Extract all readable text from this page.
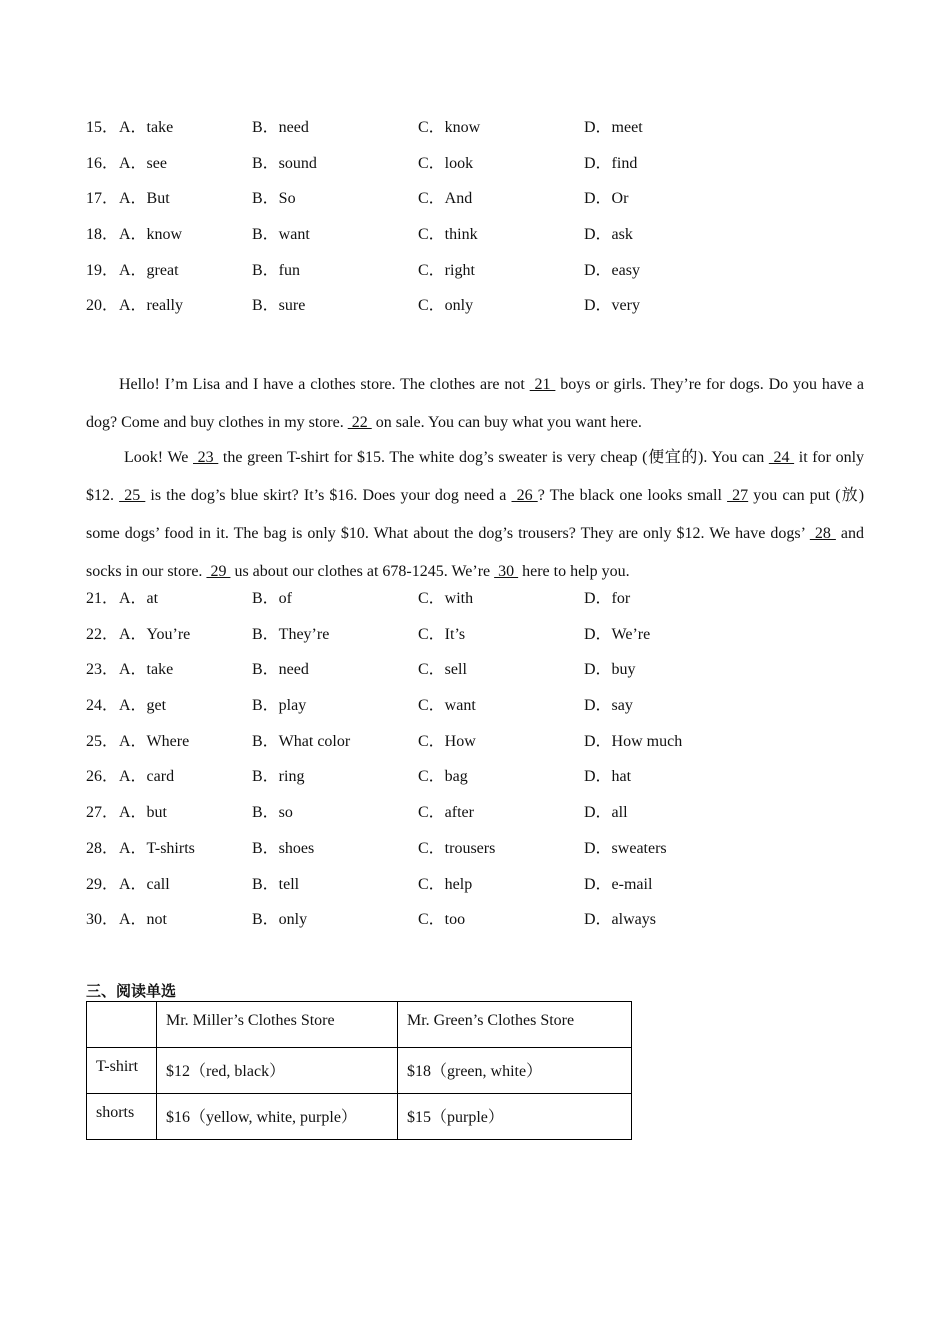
15． A．take	B．need	C．know	D．meet
16． A．see	B．sound	C．look	D．find
17． A．But	B．So	C．And	D．Or
18． A．know	B．want	C．think	D．ask
19． A．great	B．fun	C．right	D．easy
20． A．really	B．sure	C．only	D．very

Hello! I’m Lisa and I have a clothes store. The clothes are not  21  boys or girls. They’re for dogs. Do you have a dog? Come and buy clothes in my store.  22  on sale. You can buy what you want here.

Look! We  23  the green T-shirt for $15. The white dog’s sweater is very cheap (便宜的). You can  24  it for only $12.  25  is the dog’s blue skirt? It’s $16. Does your dog need a  26 ? The black one looks small  27 you can put (放) some dogs’ food in it. The bag is only $10. What about the dog’s trousers? They are only $12. We have dogs’  28  and socks in our store.  29  us about our clothes at 678-1245. We’re  30  here to help you.

21． A．at	B．of	C．with	D．for
22． A．You’re	B．They’re	C．It’s	D．We’re
23． A．take	B．need	C．sell	D．buy
24． A．get	B．play	C．want	D．say
25． A．Where	B．What color	C．How	D．How much
26． A．card	B．ring	C．bag	D．hat
27． A．but	B．so	C．after	D．all
28． A．T-shirts	B．shoes	C．trousers	D．sweaters
29． A．call	B．tell	C．help	D．e-mail
30． A．not	B．only	C．too	D．always
三、阅读单选
	Mr. Miller’s Clothes Store	Mr. Green’s Clothes Store
T-shirt	$12（red, black）	$18（green, white）
shorts	$16（yellow, white, purple）	$15（purple）
